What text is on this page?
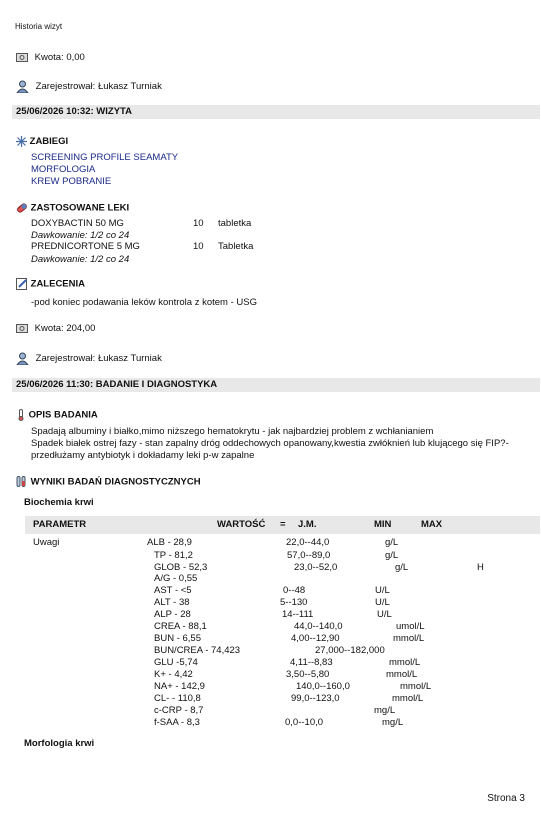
Historia wizyt
Kwota: 0,00
Zarejestrował: Łukasz Turniak
25/06/2026 10:32: WIZYTA
ZABIEGI
SCREENING PROFILE SEAMATY
MORFOLOGIA
KREW POBRANIE
ZASTOSOWANE LEKI
DOXYBACTIN 50 MG	10 tabletka
Dawkowanie: 1/2 co 24
PREDNICORTONE 5 MG	10 Tabletka
Dawkowanie: 1/2 co 24
ZALECENIA
-pod koniec podawania leków kontrola z kotem - USG
Kwota: 204,00
Zarejestrował: Łukasz Turniak
25/06/2026 11:30: BADANIE I DIAGNOSTYKA
OPIS BADANIA
Spadają albuminy i białko,mimo niższego hematokrytu - jak najbardziej problem z wchłanianiem
Spadek białek ostrej fazy - stan zapalny dróg oddechowych opanowany,kwestia zwłóknień lub klującego się FIP?-
przedłużamy antybiotyk i dokładamy leki p-w zapalne
WYNIKI BADAŃ DIAGNOSTYCZNYCH
Biochemia krwi
PARAMETR	WARTOŚĆ = J.M.	MIN	MAX
Uwagi	ALB - 28,9	22,0--44,0	g/L
TP - 81,2	57,0--89,0	g/L
GLOB - 52,3	23,0--52,0	g/L	H
A/G - 0,55
AST - <5	0--48	U/L
ALT - 38	5--130	U/L
ALP - 28	14--111	U/L
CREA - 88,1	44,0--140,0	umol/L
BUN - 6,55	4,00--12,90	mmol/L
BUN/CREA - 74,423	27,000--182,000
GLU -5,74	4,11--8,83	mmol/L
K+ - 4,42	3,50--5,80	mmol/L
NA+ - 142,9	140,0--160,0	mmol/L
CL- - 110,8	99,0--123,0	mmol/L
c-CRP - 8,7	mg/L
f-SAA - 8,3	0,0--10,0	mg/L
Morfologia krwi
Strona 3
